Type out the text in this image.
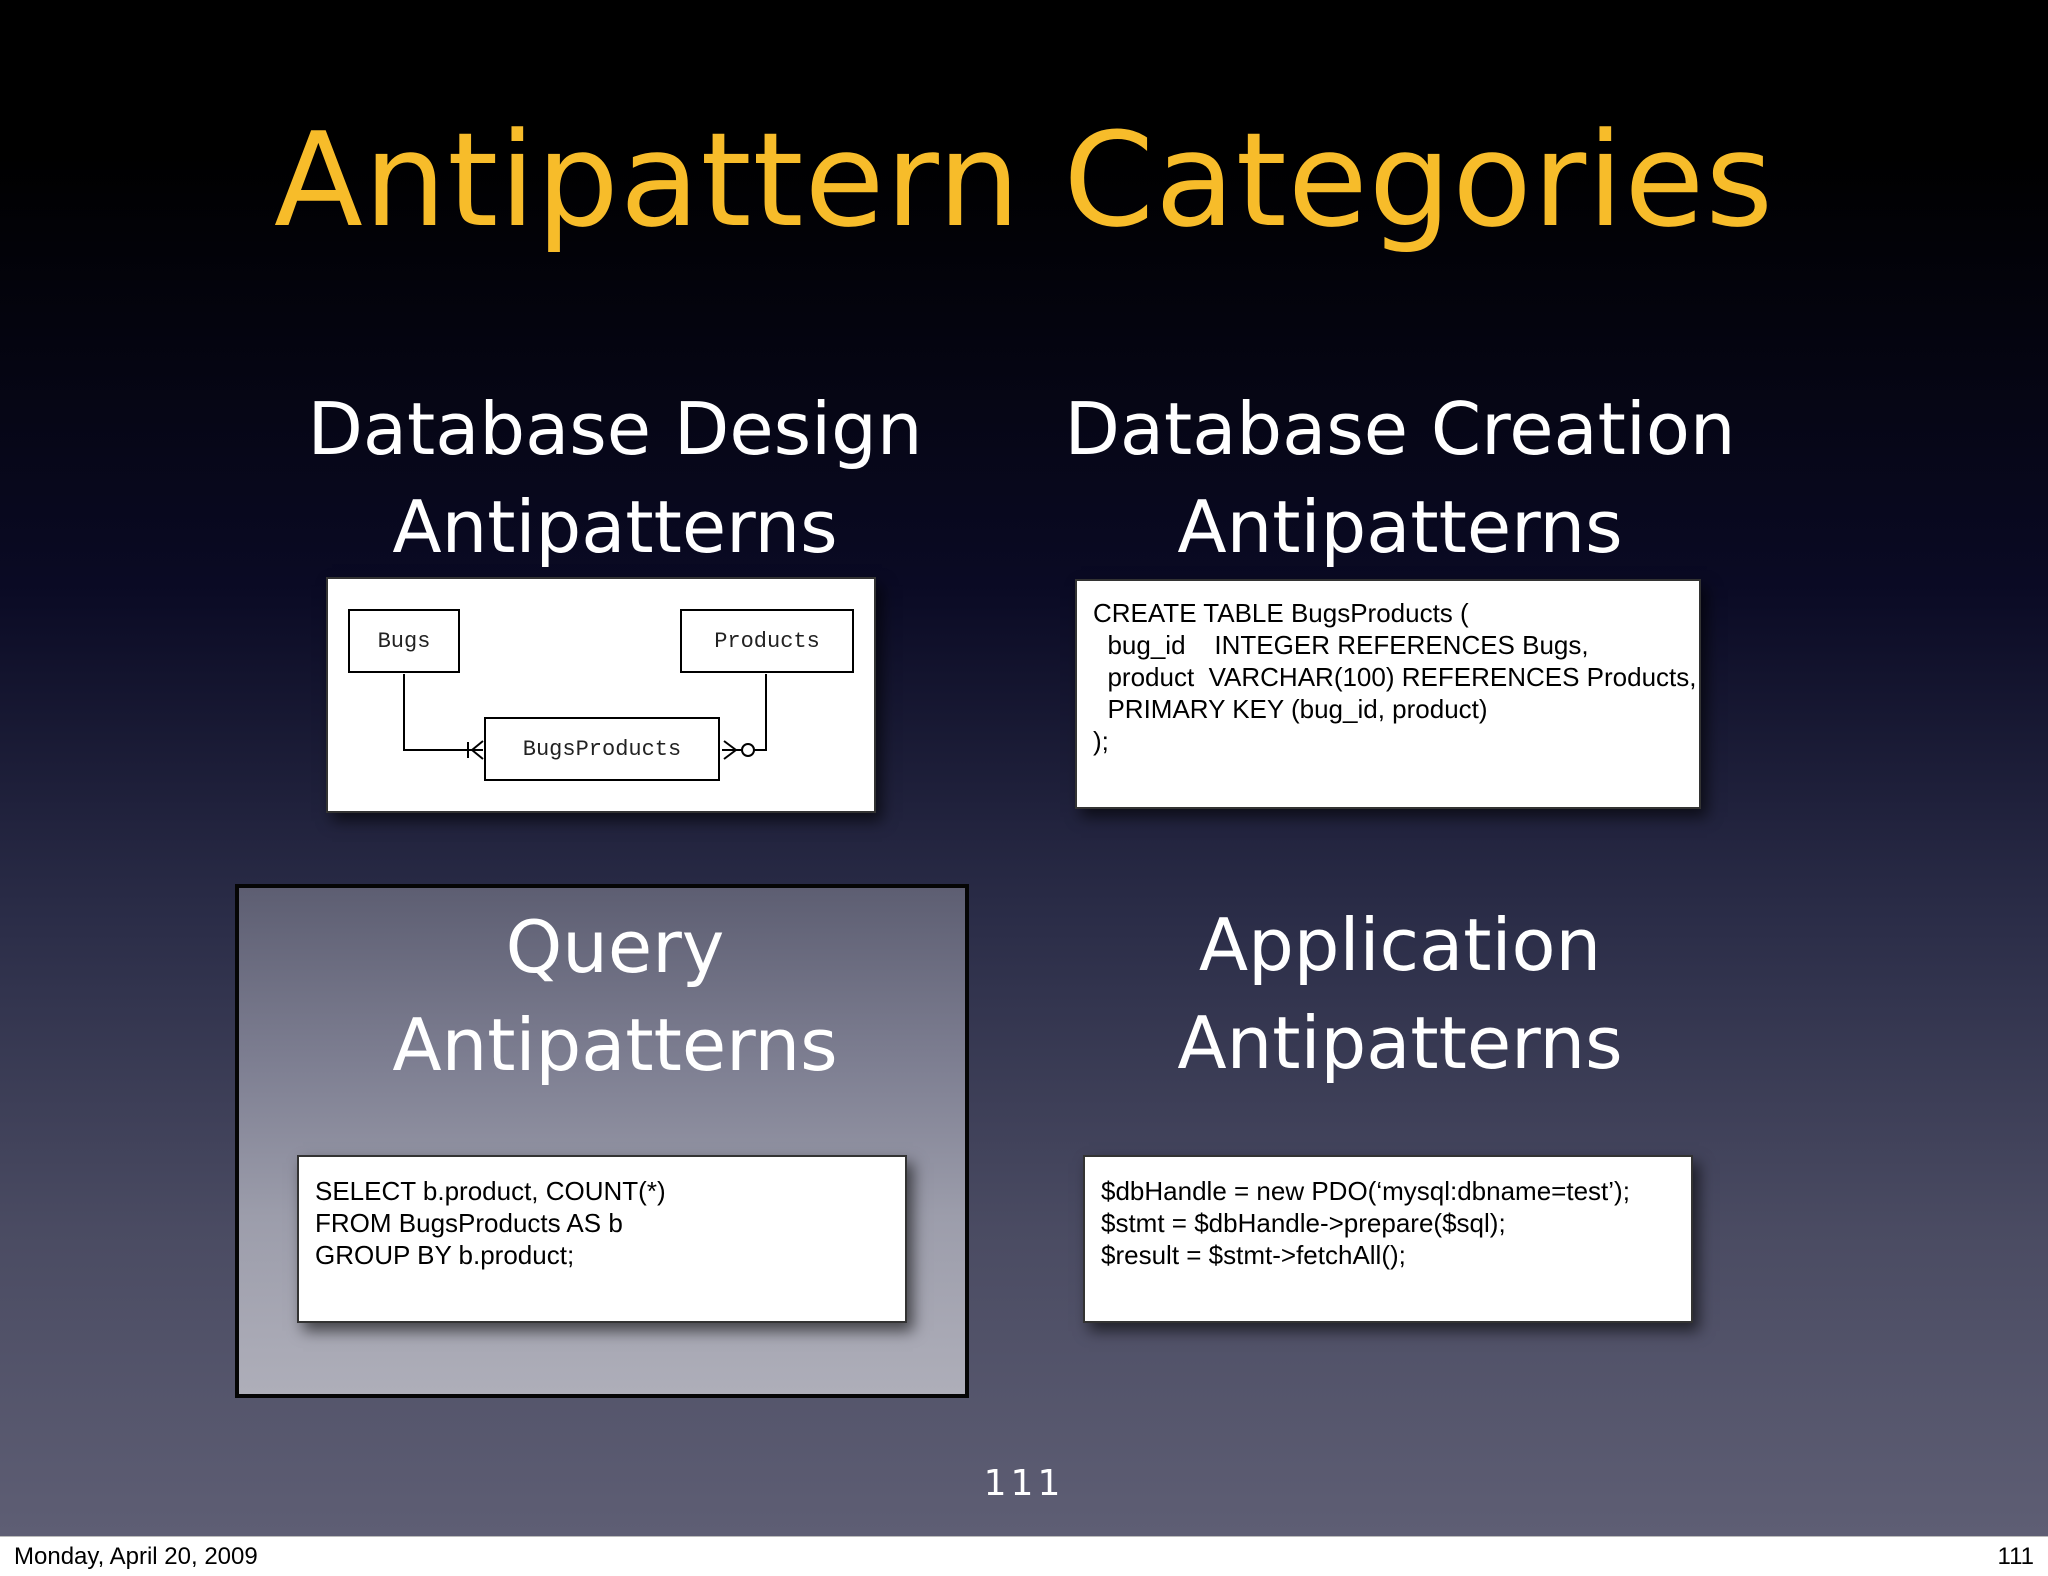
Antipattern Categories
Database Design
Antipatterns
Bugs	Products
BugsProducts
Database Creation
Antipatterns
CREATE TABLE BugsProducts (
bug_id    INTEGER REFERENCES Bugs,
product  VARCHAR(100) REFERENCES Products,
PRIMARY KEY (bug_id, product)
);
Query
Antipatterns
SELECT b.product, COUNT(*)
FROM BugsProducts AS b
GROUP BY b.product;
Application
Antipatterns
$dbHandle = new PDO(‘mysql:dbname=test’);
$stmt = $dbHandle->prepare($sql);
$result = $stmt->fetchAll();
111
Monday, April 20, 2009	111
